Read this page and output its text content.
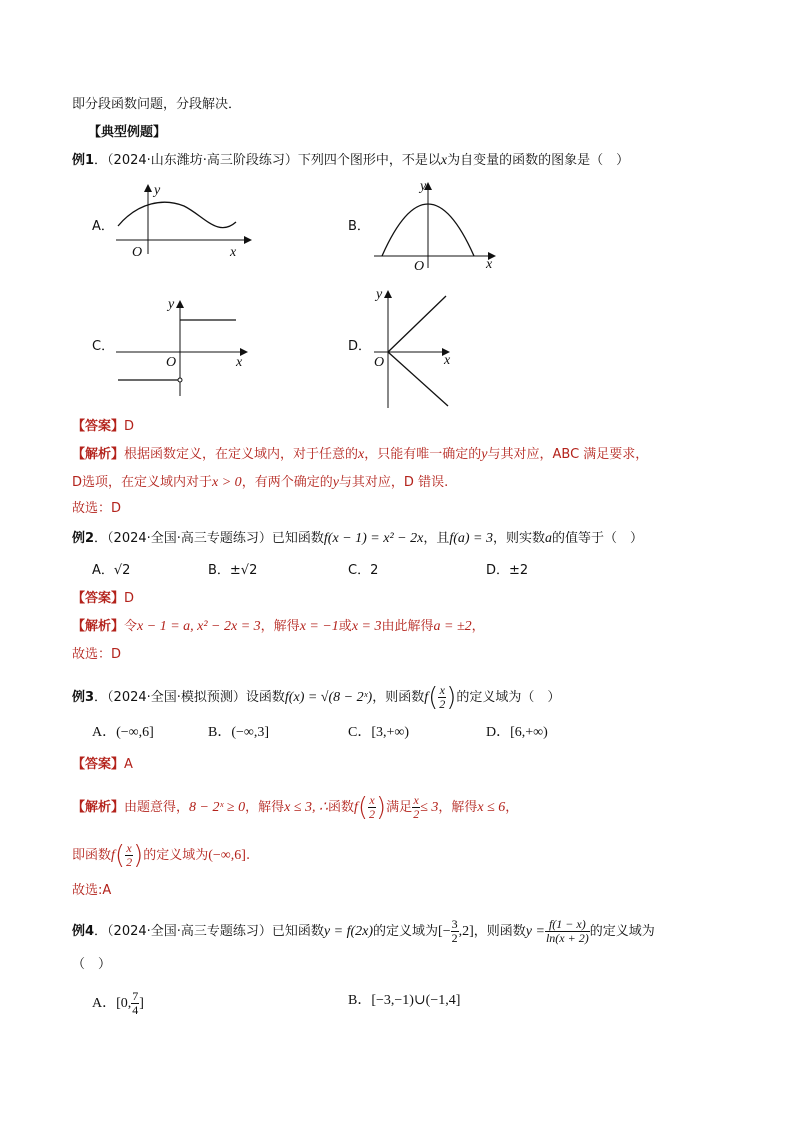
即分段函数问题，分段解决．
【典型例题】
例1．（2024·山东潍坊·高三阶段练习）下列四个图形中，不是以x为自变量的函数的图象是（　）
A．
y
O	x
B．
y
O	x
C．
y
O	x
D．
y
O	x
【答案】D
【解析】根据函数定义，在定义域内，对于任意的x，只能有唯一确定的y与其对应，ABC 满足要求，
D选项，在定义域内对于x > 0，有两个确定的y与其对应，D 错误.
故选：D
例2．（2024·全国·高三专题练习）已知函数f(x − 1) = x² − 2x，且f(a) = 3，则实数a的值等于（　）
A．√2	B．±√2	C．2	D．±2
【答案】D
【解析】令x − 1 = a, x² − 2x = 3，解得x = −1或x = 3由此解得a = ±2，
故选：D
例3．（2024·全国·模拟预测）设函数f(x) = √(8 − 2ˣ)，则函数$f( \frac{x}{2}$ )的定义域为（　）
A．(−∞,6]	B．(−∞,3]	C．[3,+∞)	D．[6,+∞)
【答案】A
【解析】由题意得，8 − 2ˣ ≥ 0，解得x ≤ 3, ∴函数$f( \frac{x}{2}$ )满足 $\frac{x}{2} \le 3$，解得x ≤ 6，
即函数$f( \frac{x}{2}$ )的定义域为(−∞,6].
故选:A
例4．（2024·全国·高三专题练习）已知函数y = f(2x)的定义域为[− $\frac{3}{2} ,2$]，则函数$y = \frac{f(1 - x)}{\ln(x + 2)}$ 的定义域为
（　）
A．[0, $\frac{7}{4}$ ]	B．[−3,−1)∪(−1,4]
